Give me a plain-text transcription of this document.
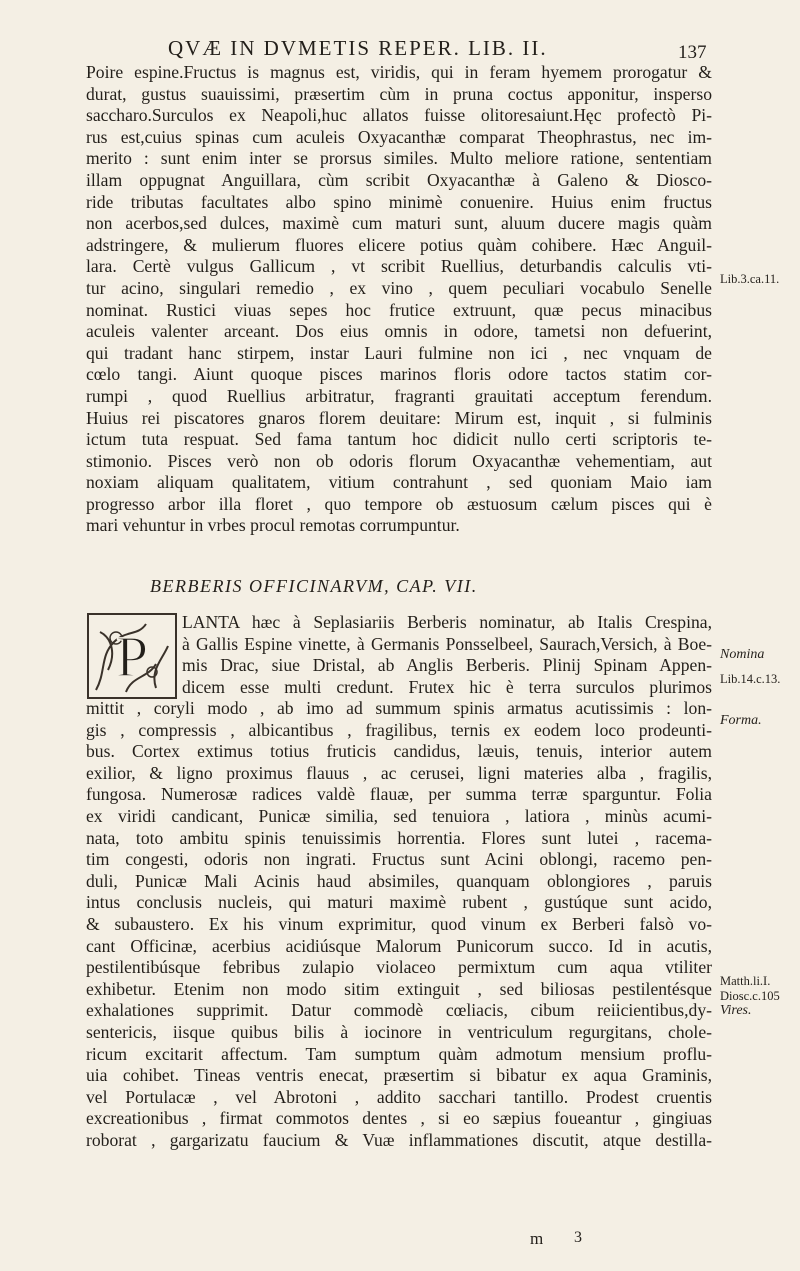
QVÆ IN DVMETIS REPER. LIB. II.	137
Poire espine.Fructus is magnus est, viridis, qui in feram hyemem prorogatur &
durat, gustus suauissimi, præsertim cùm in pruna coctus apponitur, insperso
saccharo.Surculos ex Neapoli,huc allatos fuisse olitoresaiunt.Hęc profectò Pi-
rus est,cuius spinas cum aculeis Oxyacanthæ comparat Theophrastus, nec im-
merito : sunt enim inter se prorsus similes. Multo meliore ratione, sententiam
illam oppugnat Anguillara, cùm scribit Oxyacanthæ à Galeno & Diosco-
ride tributas facultates albo spino minimè conuenire. Huius enim fructus
non acerbos,sed dulces, maximè cum maturi sunt, aluum ducere magis quàm
adstringere, & mulierum fluores elicere potius quàm cohibere. Hæc Anguil-
lara. Certè vulgus Gallicum , vt scribit Ruellius, deturbandis calculis vti-
tur acino, singulari remedio , ex vino , quem peculiari vocabulo Senelle
nominat. Rustici viuas sepes hoc frutice extruunt, quæ pecus minacibus
aculeis valenter arceant. Dos eius omnis in odore, tametsi non defuerint,
qui tradant hanc stirpem, instar Lauri fulmine non ici , nec vnquam de
cœlo tangi. Aiunt quoque pisces marinos floris odore tactos statim cor-
rumpi , quod Ruellius arbitratur, fragranti grauitati acceptum ferendum.
Huius rei piscatores gnaros florem deuitare: Mirum est, inquit , si fulminis
ictum tuta respuat. Sed fama tantum hoc didicit nullo certi scriptoris te-
stimonio. Pisces verò non ob odoris florum Oxyacanthæ vehementiam, aut
noxiam aliquam qualitatem, vitium contrahunt , sed quoniam Maio iam
progresso arbor illa floret , quo tempore ob æstuosum cælum pisces qui è
mari vehuntur in vrbes procul remotas corrumpuntur.
BERBERIS OFFICINARVM, CAP. VII.
P
LANTA hæc à Seplasiariis Berberis nominatur, ab Italis Crespina,
à Gallis Espine vinette, à Germanis Ponsselbeel, Saurach,Versich, à Boe-
mis Drac, siue Dristal, ab Anglis Berberis. Plinij Spinam Appen-
dicem esse multi credunt. Frutex hic è terra surculos plurimos
mittit , coryli modo , ab imo ad summum spinis armatus acutissimis : lon-
gis , compressis , albicantibus , fragilibus, ternis ex eodem loco prodeunti-
bus. Cortex extimus totius fruticis candidus, læuis, tenuis, interior autem
exilior, & ligno proximus flauus , ac cerusei, ligni materies alba , fragilis,
fungosa. Numerosæ radices valdè flauæ, per summa terræ sparguntur. Folia
ex viridi candicant, Punicæ similia, sed tenuiora , latiora , minùs acumi-
nata, toto ambitu spinis tenuissimis horrentia. Flores sunt lutei , racema-
tim congesti, odoris non ingrati. Fructus sunt Acini oblongi, racemo pen-
duli, Punicæ Mali Acinis haud absimiles, quanquam oblongiores , paruis
intus conclusis nucleis, qui maturi maximè rubent , gustúque sunt acido,
& subaustero. Ex his vinum exprimitur, quod vinum ex Berberi falsò vo-
cant Officinæ, acerbius acidiúsque Malorum Punicorum succo. Id in acutis,
pestilentibúsque febribus zulapio violaceo permixtum cum aqua vtiliter
exhibetur. Etenim non modo sitim extinguit , sed biliosas pestilentésque
exhalationes supprimit. Datur commodè cœliacis, cibum reiicientibus,dy-
sentericis, iisque quibus bilis à iocinore in ventriculum regurgitans, chole-
ricum excitarit affectum. Tam sumptum quàm admotum mensium proflu-
uia cohibet. Tineas ventris enecat, præsertim si bibatur ex aqua Graminis,
vel Portulacæ , vel Abrotoni , addito sacchari tantillo. Prodest cruentis
excreationibus , firmat commotos dentes , si eo sæpius foueantur , gingiuas
roborat , gargarizatu faucium & Vuæ inflammationes discutit, atque destilla-
Lib.3.ca.11.
Nomina
Lib.14.c.13.
Forma.
Matth.li.I.
Diosc.c.105
Vires.
m 3
